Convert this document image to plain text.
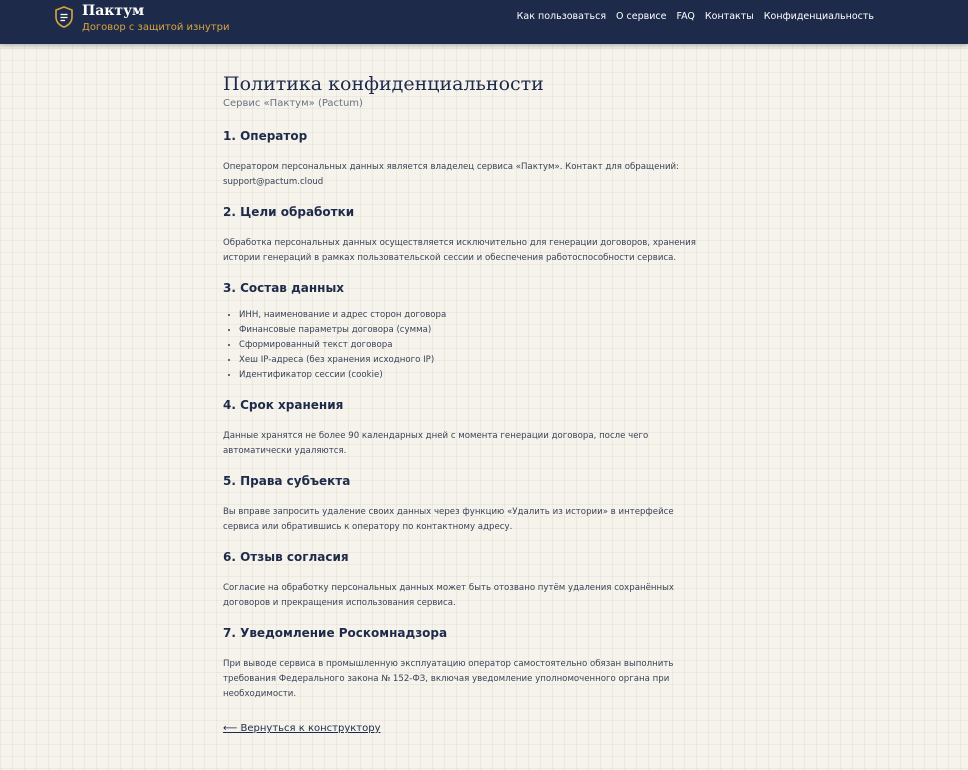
Пактум
Договор с защитой изнутри
Как пользоваться О сервисе FAQ Контакты Конфиденциальность
Политика конфиденциальности
Сервис «Пактум» (Pactum)
1. Оператор

Оператором персональных данных является владелец сервиса «Пактум». Контакт для обращений: support@pactum.cloud

2. Цели обработки

Обработка персональных данных осуществляется исключительно для генерации договоров, хранения истории генераций в рамках пользовательской сессии и обеспечения работоспособности сервиса.

3. Состав данных
• ИНН, наименование и адрес сторон договора
• Финансовые параметры договора (сумма)
• Сформированный текст договора
• Хеш IP-адреса (без хранения исходного IP)
• Идентификатор сессии (cookie)
4. Срок хранения

Данные хранятся не более 90 календарных дней с момента генерации договора, после чего автоматически удаляются.

5. Права субъекта

Вы вправе запросить удаление своих данных через функцию «Удалить из истории» в интерфейсе сервиса или обратившись к оператору по контактному адресу.

6. Отзыв согласия

Согласие на обработку персональных данных может быть отозвано путём удаления сохранённых договоров и прекращения использования сервиса.

7. Уведомление Роскомнадзора

При выводе сервиса в промышленную эксплуатацию оператор самостоятельно обязан выполнить требования Федерального закона № 152-ФЗ, включая уведомление уполномоченного органа при необходимости.

⟵ Вернуться к конструктору
